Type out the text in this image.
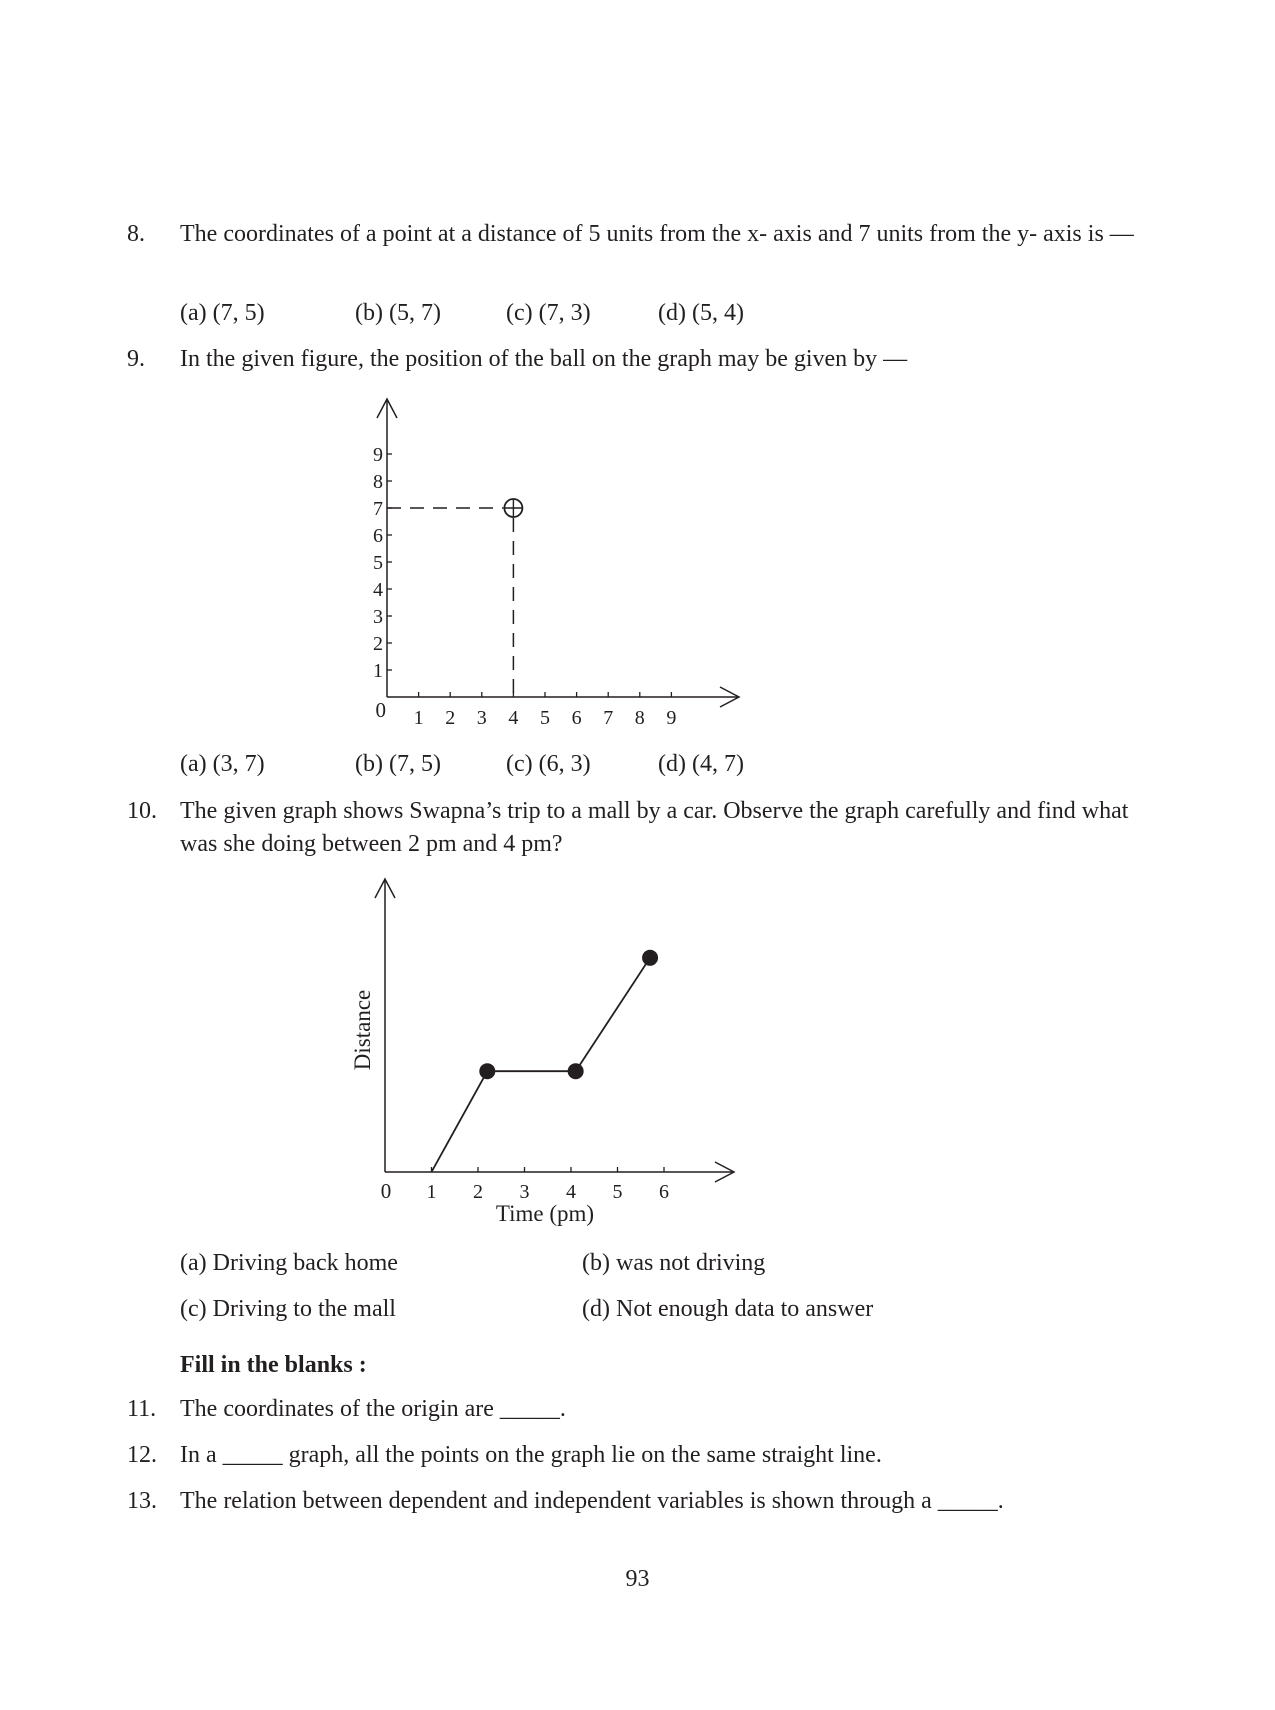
8. The coordinates of a point at a distance of 5 units from the x- axis and 7 units from the y- axis is —
(a) (7, 5)	(b) (5, 7)	(c) (7, 3)	(d) (5, 4)
9. In the given figure, the position of the ball on the graph may be given by —
1
2
3
4
5
6
7
8
9
1 2 3 4 5 6 7 8 9
0
(a) (3, 7)	(b) (7, 5)	(c) (6, 3)	(d) (4, 7)
10. The given graph shows Swapna’s trip to a mall by a car. Observe the graph carefully and find what was she doing between 2 pm and 4 pm?
1 2 3 4 5 6
0
Distance
Time (pm)
(a) Driving back home	(b) was not driving
(c) Driving to the mall	(d) Not enough data to answer
Fill in the blanks :
11. The coordinates of the origin are _____.
12. In a _____ graph, all the points on the graph lie on the same straight line.
13. The relation between dependent and independent variables is shown through a _____.
93
